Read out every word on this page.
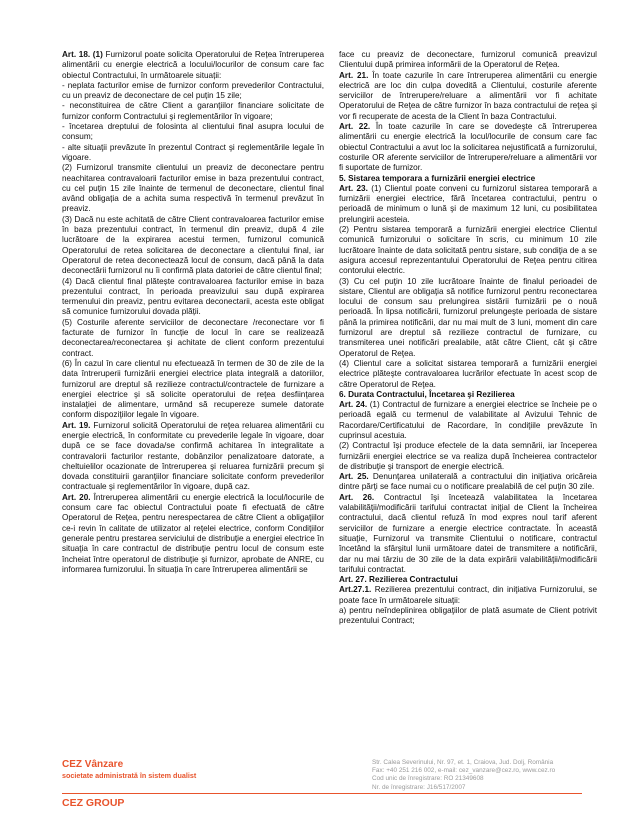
Art. 18. (1) Furnizorul poate solicita Operatorului de Rețea întreruperea alimentării cu energie electrică a locului/locurilor de consum care fac obiectul Contractului, în următoarele situații:

- neplata facturilor emise de furnizor conform prevederilor Contractului, cu un preaviz de deconectare de cel puțin 15 zile;

- neconstituirea de către Client a garanţiilor financiare solicitate de furnizor conform Contractului şi reglementărilor în vigoare;

- încetarea dreptului de folosinta al clientului final asupra locului de consum;

- alte situaţii prevăzute în prezentul Contract şi reglementările legale în vigoare.

(2) Furnizorul transmite clientului un preaviz de deconectare pentru neachitarea contravaloarii facturilor emise in baza prezentului contract, cu cel puțin 15 zile înainte de termenul de deconectare, clientul final având obligația de a achita suma respectivă în termenul prevăzut în preaviz.

(3) Dacă nu este achitată de către Client contravaloarea facturilor emise în baza prezentului contract, în termenul din preaviz, după 4 zile lucrătoare de la expirarea acestui termen, furnizorul comunică Operatorului de retea solicitarea de deconectare a clientului final, iar Operatorul de retea deconectează locul de consum, dacă până la data deconectării furnizorul nu îi confirmă plata datoriei de către clientul final;

(4) Dacă clientul final plătește contravaloarea facturilor emise in baza prezentului contract, în perioada preavizului sau după expirarea termenului din preaviz, pentru evitarea deconectarii, acesta este obligat să comunice furnizorului dovada plății.

(5) Costurile aferente serviciilor de deconectare /reconectare vor fi facturate de furnizor în funcție de locul în care se realizează deconectarea/reconectarea şi achitate de client conform prezentului contract.

(6) În cazul în care clientul nu efectuează în termen de 30 de zile de la data întreruperii furnizării energiei electrice plata integrală a datoriilor, furnizorul are dreptul să rezilieze contractul/contractele de furnizare a energiei electrice şi să solicite operatorului de reţea desfiinţarea instalaţiei de alimentare, urmând să recupereze sumele datorate conform dispoziţiilor legale în vigoare.

Art. 19. Furnizorul solicită Operatorului de reţea reluarea alimentării cu energie electrică, în conformitate cu prevederile legale în vigoare, doar după ce se face dovada/se confirmă achitarea în integralitate a contravalorii facturilor restante, dobânzilor penalizatoare datorate, a cheltuielilor ocazionate de întreruperea şi reluarea furnizării precum şi dovada constituirii garanţiilor financiare solicitate conform prevederilor contractuale şi reglementărilor în vigoare, după caz.

Art. 20. Întreruperea alimentării cu energie electrică la locul/locurile de consum care fac obiectul Contractului poate fi efectuată de către Operatorul de Reţea, pentru nerespectarea de către Client a obligaţiilor ce-i revin în calitate de utilizator al reţelei electrice, conform Condiţiilor generale pentru prestarea serviciului de distribuţie a energiei electrice în situaţia în care contractul de distribuţie pentru locul de consum este încheiat între operatorul de distribuţie şi furnizor, aprobate de ANRE, cu informarea furnizorului. În situația în care întreruperea alimentării se

face cu preaviz de deconectare, furnizorul comunică preavizul Clientului după primirea informării de la Operatorul de Rețea.

Art. 21. În toate cazurile în care întreruperea alimentării cu energie electrică are loc din culpa dovedită a Clientului, costurile aferente serviciilor de întrerupere/reluare a alimentării vor fi achitate Operatorului de Reţea de către furnizor în baza contractului de reţea şi vor fi recuperate de acesta de la Client în baza Contractului.

Art. 22. În toate cazurile în care se dovedeşte că întreruperea alimentării cu energie electrică la locul/locurile de consum care fac obiectul Contractului a avut loc la solicitarea nejustificată a furnizorului, costurile OR aferente serviciilor de întrerupere/reluare a alimentării vor fi suportate de furnizor.

5. Sistarea temporara a furnizării energiei electrice

Art. 23. (1) Clientul poate conveni cu furnizorul sistarea temporară a furnizării energiei electrice, fără încetarea contractului, pentru o perioadă de minimum o lună şi de maximum 12 luni, cu posibilitatea prelungirii acesteia.

(2) Pentru sistarea temporară a furnizării energiei electrice Clientul comunică furnizorului o solicitare în scris, cu minimum 10 zile lucrătoare înainte de data solicitată pentru sistare, sub condiţia de a se asigura accesul reprezentantului Operatorului de Reţea pentru citirea contorului electric.

(3) Cu cel puţin 10 zile lucrătoare înainte de finalul perioadei de sistare, Clientul are obligaţia să notifice furnizorul pentru reconectarea locului de consum sau prelungirea sistării furnizării pe o nouă perioadă. În lipsa notificării, furnizorul prelungeşte perioada de sistare până la primirea notificării, dar nu mai mult de 3 luni, moment din care furnizorul are dreptul să rezilieze contractul de furnizare, cu transmiterea unei notificări prealabile, atât către Client, cât şi către Operatorul de Reţea.

(4) Clientul care a solicitat sistarea temporară a furnizării energiei electrice plăteşte contravaloarea lucrărilor efectuate în acest scop de către Operatorul de Reţea.

6. Durata Contractului, Încetarea şi Rezilierea

Art. 24. (1) Contractul de furnizare a energiei electrice se încheie pe o perioadă egală cu termenul de valabilitate al Avizului Tehnic de Racordare/Certificatului de Racordare, în condiţiile prevăzute în cuprinsul acestuia.

(2) Contractul îşi produce efectele de la data semnării, iar începerea furnizării energiei electrice se va realiza după încheierea contractelor de distribuţie şi transport de energie electrică.

Art. 25. Denunţarea unilaterală a contractului din iniţiativa oricăreia dintre părţi se face numai cu o notificare prealabilă de cel puţin 30 zile.

Art. 26. Contractul îşi încetează valabilitatea la încetarea valabilităţii/modificării tarifului contractat iniţial de Client la încheirea contractului, dacă clientul refuză în mod expres noul tarif aferent serviciilor de furnizare a energie electrice contractate. În această situaţie, Furnizorul va transmite Clientului o notificare, contractul încetând la sfârşitul lunii următoare datei de transmitere a notificării, dar nu mai târziu de 30 zile de la data expirării valabilităţii/modificării tarifului contractat.

Art. 27. Rezilierea Contractului

Art.27.1. Rezilierea prezentului contract, din iniţiativa Furnizorului, se poate face în următoarele situaţii:

a) pentru neîndeplinirea obligaţiilor de plată asumate de Client potrivit prezentului Contract;

CEZ Vânzare
societate administrată în sistem dualist
Str. Calea Severinului, Nr. 97, et. 1, Craiova, Jud. Dolj, România
Fax: +40 251 216 002, e-mail: cez_vanzare@cez.ro, www.cez.ro
Cod unic de înregistrare: RO 21349608
Nr. de înregistrare: J16/517/2007
CEZ GROUP
